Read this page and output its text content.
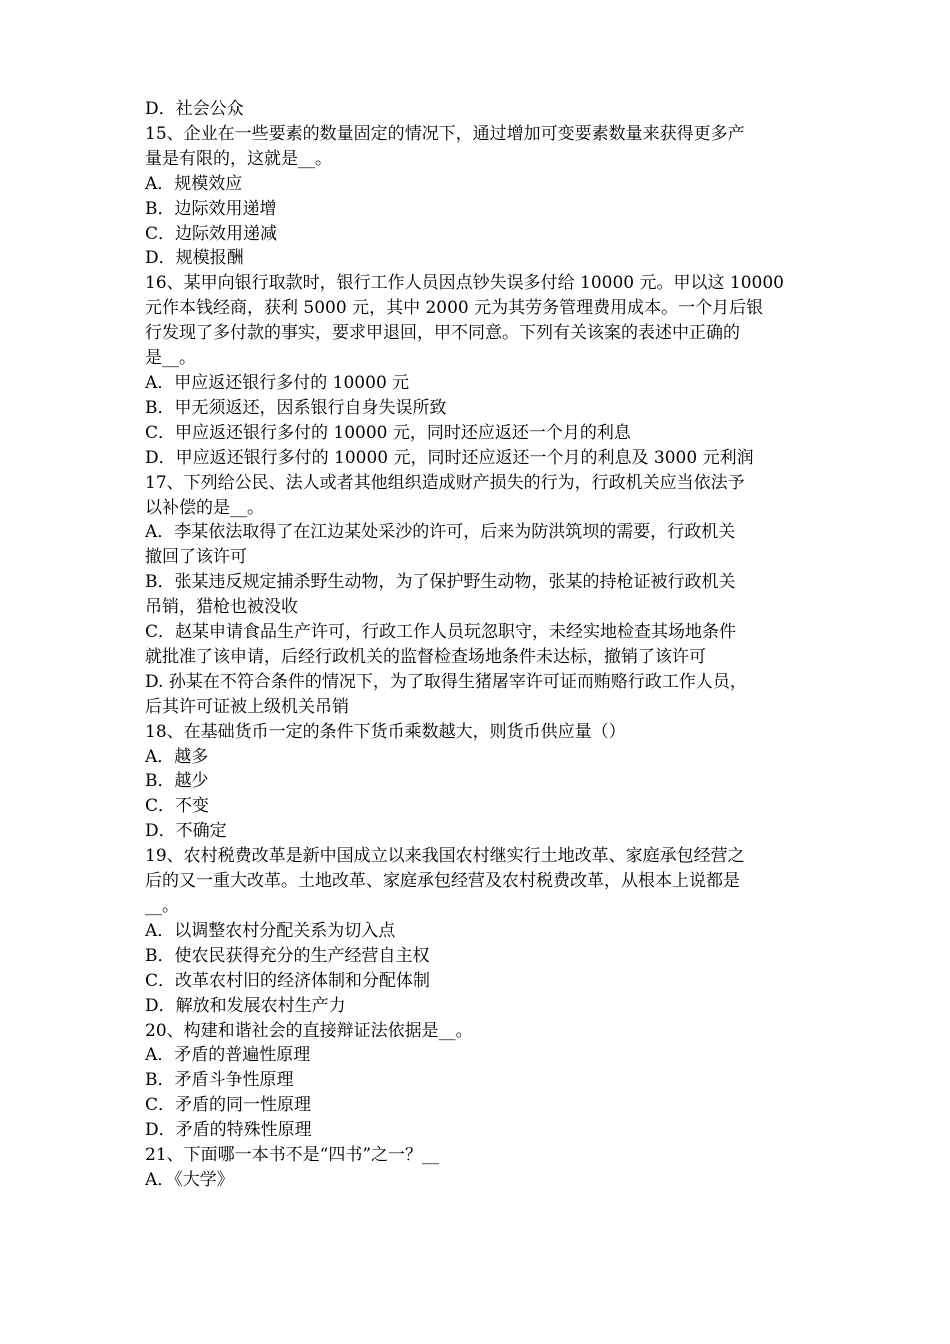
D．社会公众
15、企业在一些要素的数量固定的情况下，通过增加可变要素数量来获得更多产
量是有限的，这就是__。
A．规模效应
B．边际效用递增
C．边际效用递减
D．规模报酬
16、某甲向银行取款时，银行工作人员因点钞失误多付给 10000 元。甲以这 10000
元作本钱经商，获利 5000 元，其中 2000 元为其劳务管理费用成本。一个月后银
行发现了多付款的事实，要求甲退回，甲不同意。下列有关该案的表述中正确的
是__。
A．甲应返还银行多付的 10000 元
B．甲无须返还，因系银行自身失误所致
C．甲应返还银行多付的 10000 元，同时还应返还一个月的利息
D．甲应返还银行多付的 10000 元，同时还应返还一个月的利息及 3000 元利润
17、下列给公民、法人或者其他组织造成财产损失的行为，行政机关应当依法予
以补偿的是__。
A．李某依法取得了在江边某处采沙的许可，后来为防洪筑坝的需要，行政机关
撤回了该许可
B．张某违反规定捕杀野生动物，为了保护野生动物，张某的持枪证被行政机关
吊销，猎枪也被没收
C．赵某申请食品生产许可，行政工作人员玩忽职守，未经实地检查其场地条件
就批准了该申请，后经行政机关的监督检查场地条件未达标，撤销了该许可
D. 孙某在不符合条件的情况下，为了取得生猪屠宰许可证而贿赂行政工作人员，
后其许可证被上级机关吊销
18、在基础货币一定的条件下货币乘数越大，则货币供应量（）
A．越多
B．越少
C．不变
D．不确定
19、农村税费改革是新中国成立以来我国农村继实行土地改革、家庭承包经营之
后的又一重大改革。土地改革、家庭承包经营及农村税费改革，从根本上说都是
__。
A．以调整农村分配关系为切入点
B．使农民获得充分的生产经营自主权
C．改革农村旧的经济体制和分配体制
D．解放和发展农村生产力
20、构建和谐社会的直接辩证法依据是__。
A．矛盾的普遍性原理
B．矛盾斗争性原理
C．矛盾的同一性原理
D．矛盾的特殊性原理
21、下面哪一本书不是“四书”之一？__
A．《大学》
